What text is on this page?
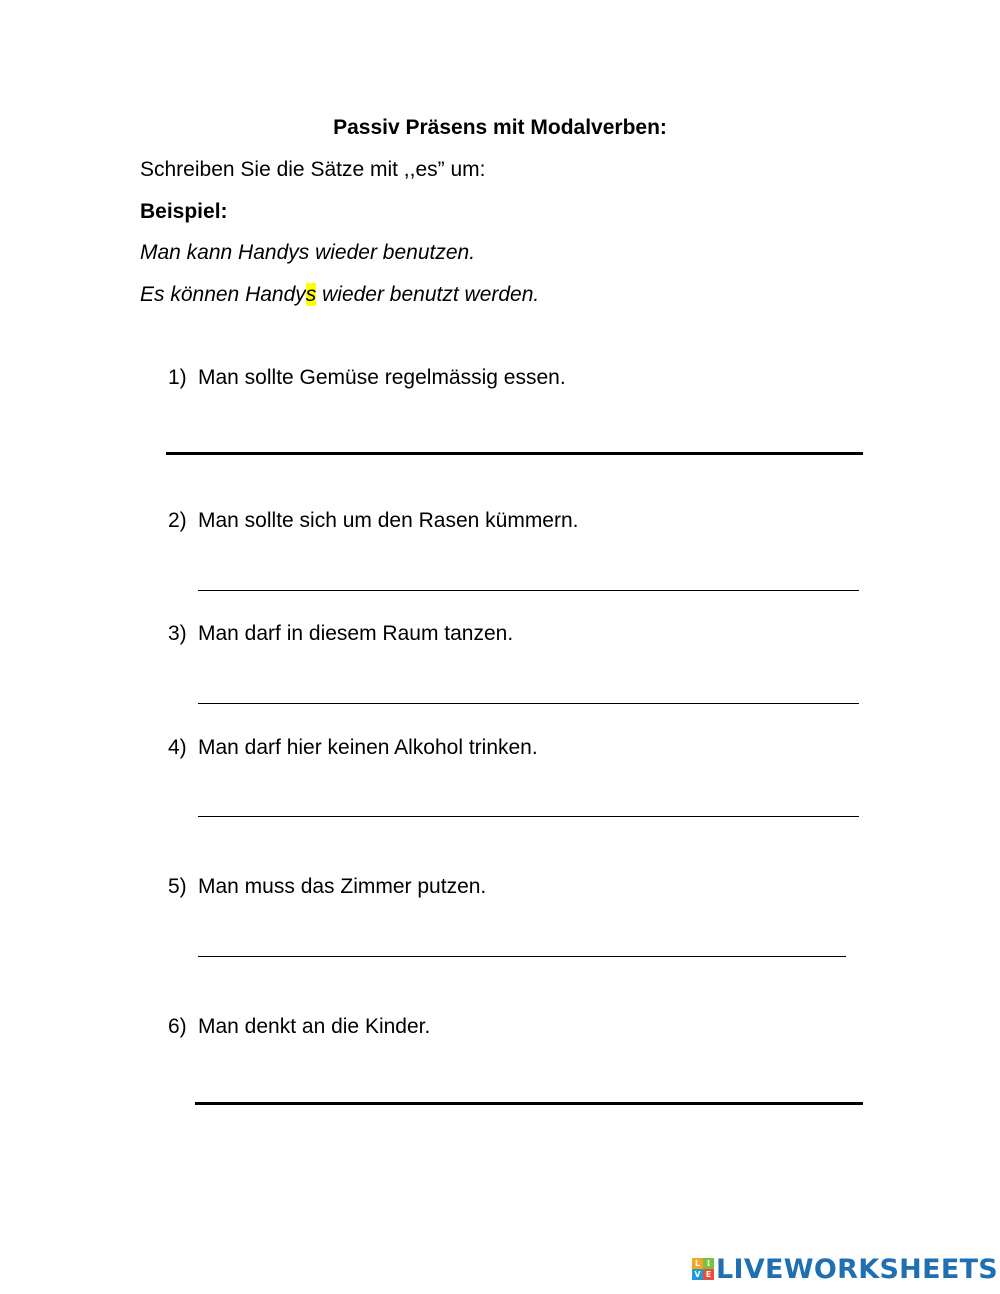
Passiv Präsens mit Modalverben:
Schreiben Sie die Sätze mit ,,es” um:
Beispiel:
Man kann Handys wieder benutzen.
Es können Handys wieder benutzt werden.
1) Man sollte Gemüse regelmässig essen.
2) Man sollte sich um den Rasen kümmern.
3) Man darf in diesem Raum tanzen.
4) Man darf hier keinen Alkohol trinken.
5) Man muss das Zimmer putzen.
6) Man denkt an die Kinder.
L I
V E LIVEWORKSHEETS
